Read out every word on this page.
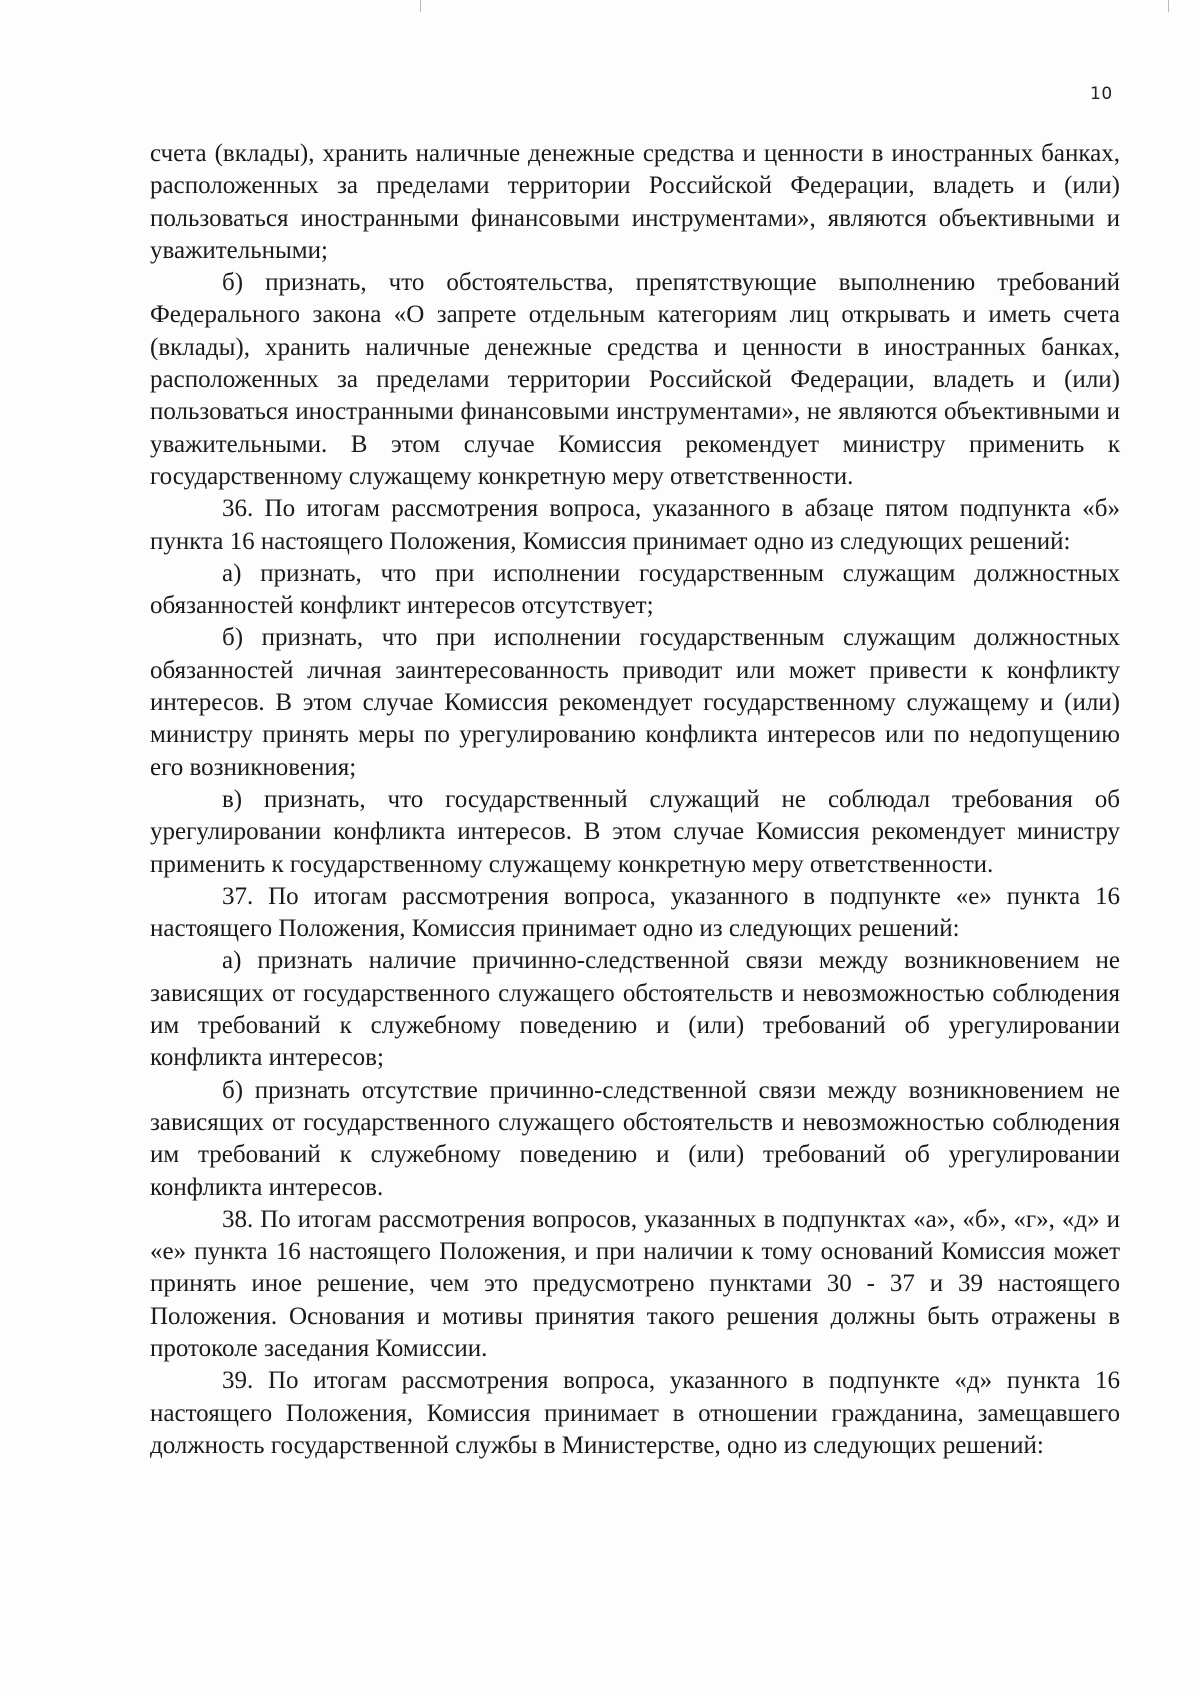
10

счета (вклады), хранить наличные денежные средства и ценности в иностранных банках, расположенных за пределами территории Российской Федерации, владеть и (или) пользоваться иностранными финансовыми инструментами», являются объективными и уважительными;

б) признать, что обстоятельства, препятствующие выполнению требований Федерального закона «О запрете отдельным категориям лиц открывать и иметь счета (вклады), хранить наличные денежные средства и ценности в иностранных банках, расположенных за пределами территории Российской Федерации, владеть и (или) пользоваться иностранными финансовыми инструментами», не являются объективными и уважительными. В этом случае Комиссия рекомендует министру применить к государственному служащему конкретную меру ответственности.

36. По итогам рассмотрения вопроса, указанного в абзаце пятом подпункта «б» пункта 16 настоящего Положения, Комиссия принимает одно из следующих решений:

а) признать, что при исполнении государственным служащим должностных обязанностей конфликт интересов отсутствует;

б) признать, что при исполнении государственным служащим должностных обязанностей личная заинтересованность приводит или может привести к конфликту интересов. В этом случае Комиссия рекомендует государственному служащему и (или) министру принять меры по урегулированию конфликта интересов или по недопущению его возникновения;

в) признать, что государственный служащий не соблюдал требования об урегулировании конфликта интересов. В этом случае Комиссия рекомендует министру применить к государственному служащему конкретную меру ответственности.

37. По итогам рассмотрения вопроса, указанного в подпункте «е» пункта 16 настоящего Положения, Комиссия принимает одно из следующих решений:

а) признать наличие причинно-следственной связи между возникновением не зависящих от государственного служащего обстоятельств и невозможностью соблюдения им требований к служебному поведению и (или) требований об урегулировании конфликта интересов;

б) признать отсутствие причинно-следственной связи между возникновением не зависящих от государственного служащего обстоятельств и невозможностью соблюдения им требований к служебному поведению и (или) требований об урегулировании конфликта интересов.

38. По итогам рассмотрения вопросов, указанных в подпунктах «а», «б», «г», «д» и «е» пункта 16 настоящего Положения, и при наличии к тому оснований Комиссия может принять иное решение, чем это предусмотрено пунктами 30 - 37 и 39 настоящего Положения. Основания и мотивы принятия такого решения должны быть отражены в протоколе заседания Комиссии.

39. По итогам рассмотрения вопроса, указанного в подпункте «д» пункта 16 настоящего Положения, Комиссия принимает в отношении гражданина, замещавшего должность государственной службы в Министерстве, одно из следующих решений:
